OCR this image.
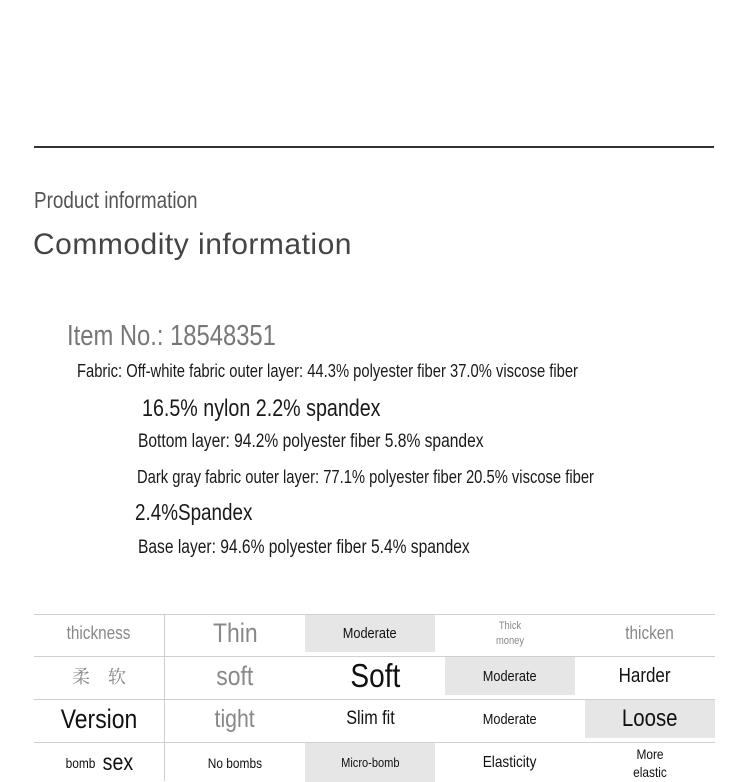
Product information
Commodity information
Item No.: 18548351
Fabric: Off-white fabric outer layer: 44.3% polyester fiber 37.0% viscose fiber
16.5% nylon 2.2% spandex
Bottom layer: 94.2% polyester fiber 5.8% spandex
Dark gray fabric outer layer: 77.1% polyester fiber 20.5% viscose fiber
2.4%Spandex
Base layer: 94.6% polyester fiber 5.4% spandex
thickness	Thin	Moderate	Thick money	thicken
柔　软	soft	Soft	Moderate	Harder
Version	tight	Slim fit	Moderate	Loose
bomb sex	No bombs	Micro-bomb	Elasticity	More elastic
